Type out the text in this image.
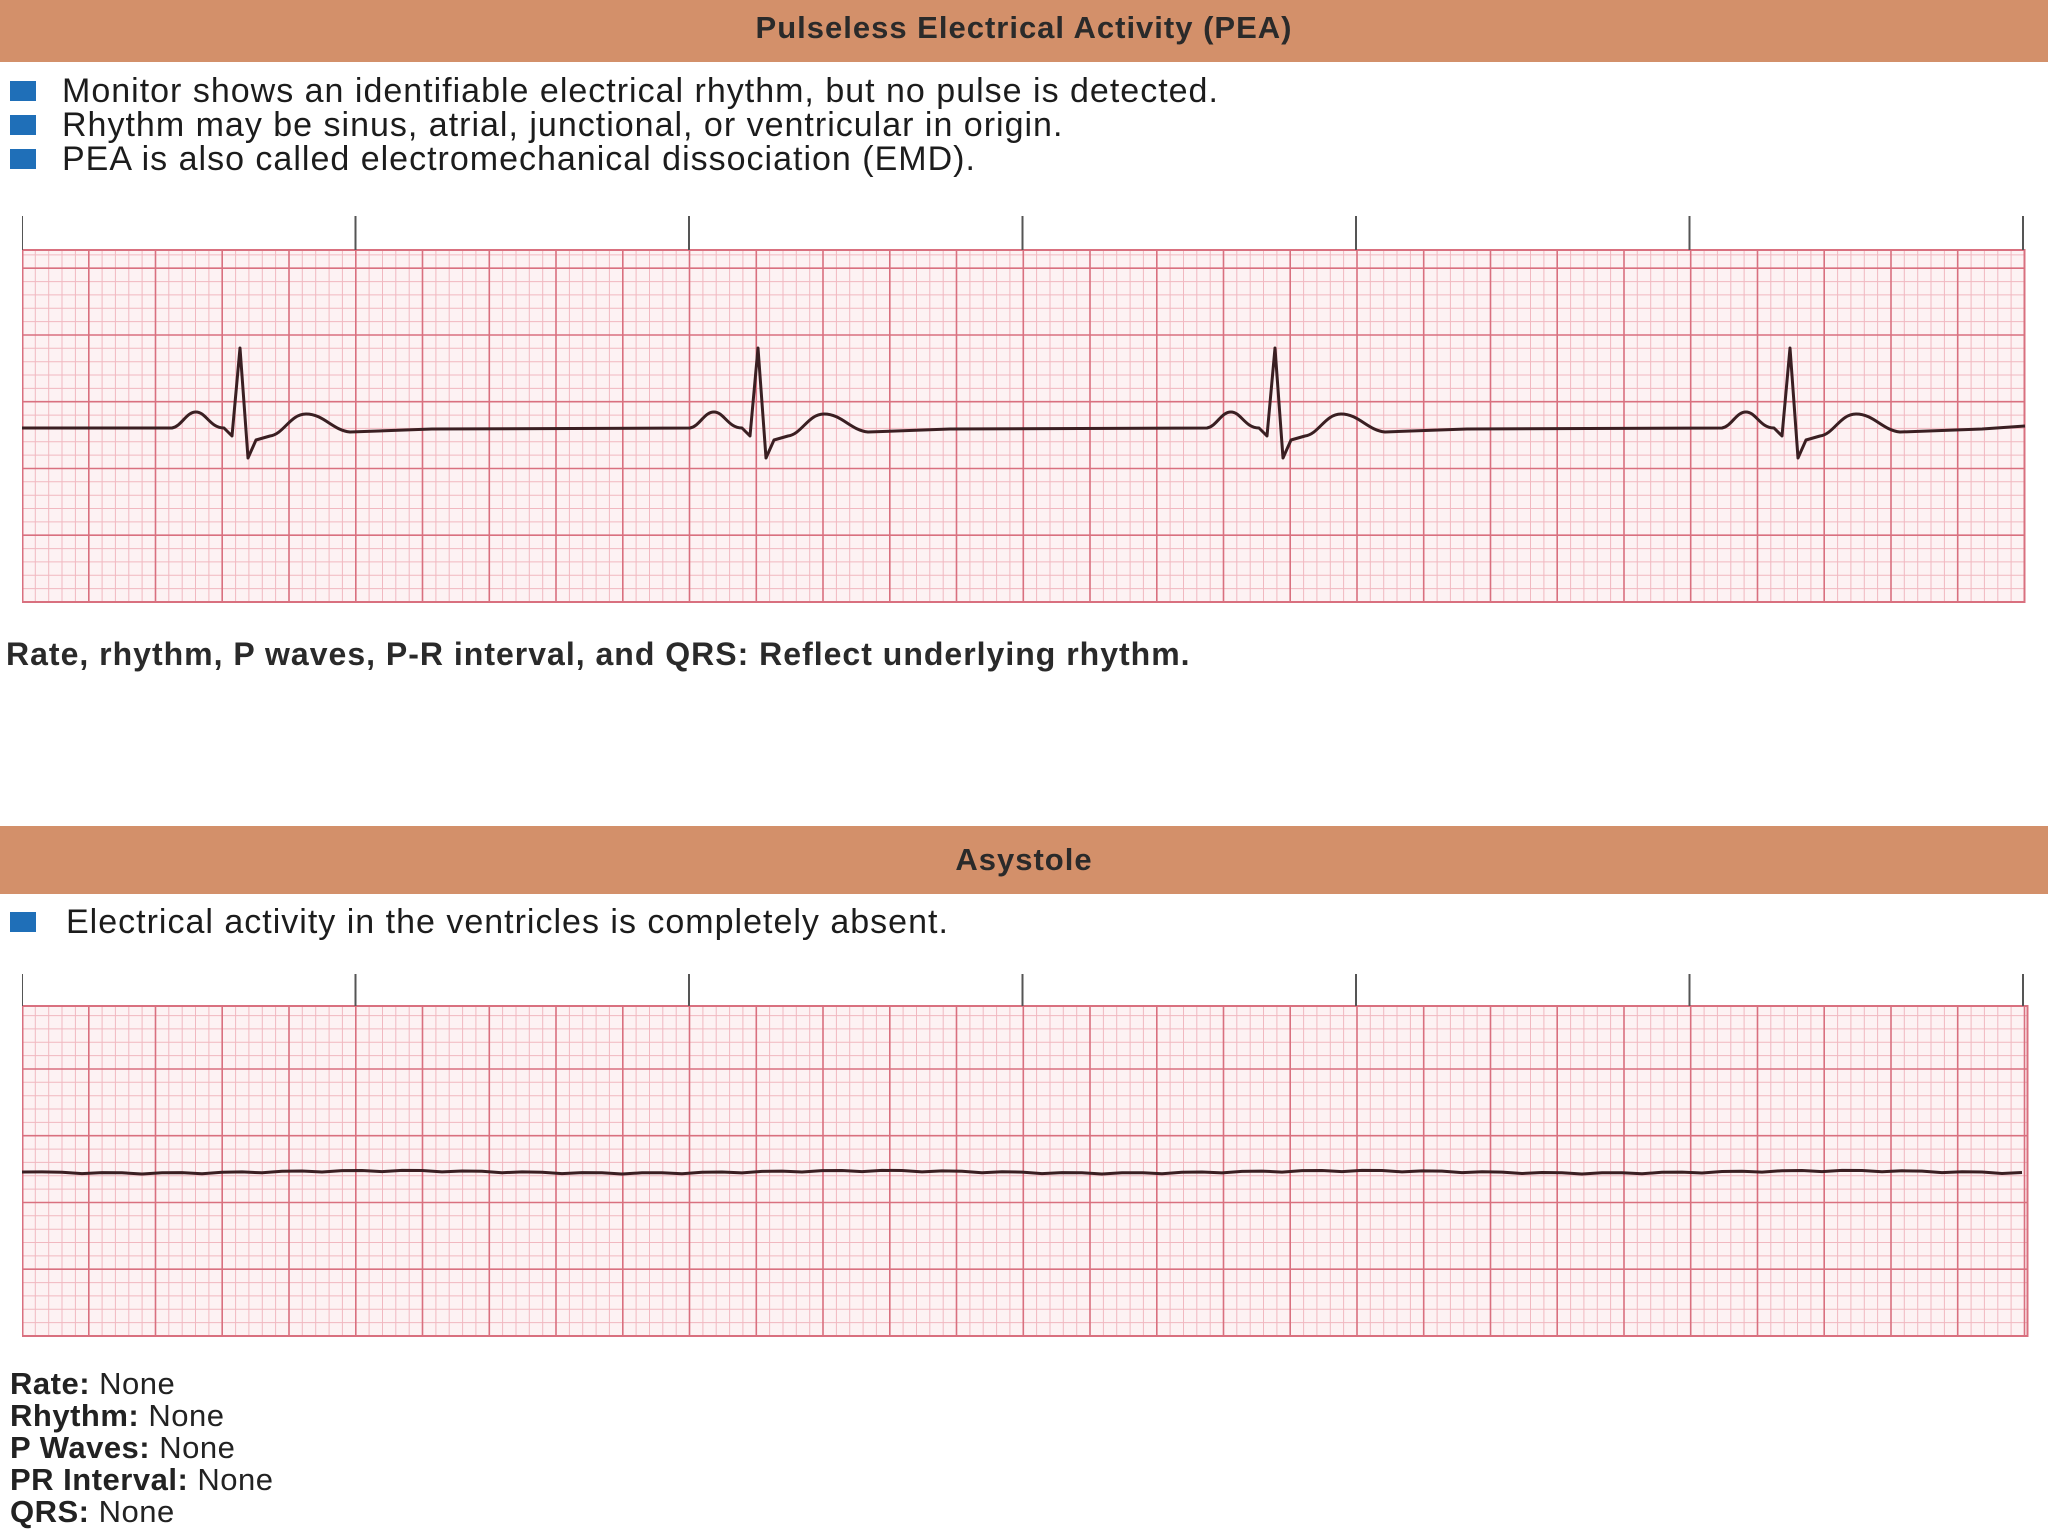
Pulseless Electrical Activity (PEA)
Monitor shows an identifiable electrical rhythm, but no pulse is detected.
Rhythm may be sinus, atrial, junctional, or ventricular in origin.
PEA is also called electromechanical dissociation (EMD).
Rate, rhythm, P waves, P-R interval, and QRS: Reflect underlying rhythm.
Asystole
Electrical activity in the ventricles is completely absent.
Rate: None
Rhythm: None
P Waves: None
PR Interval: None
QRS: None
